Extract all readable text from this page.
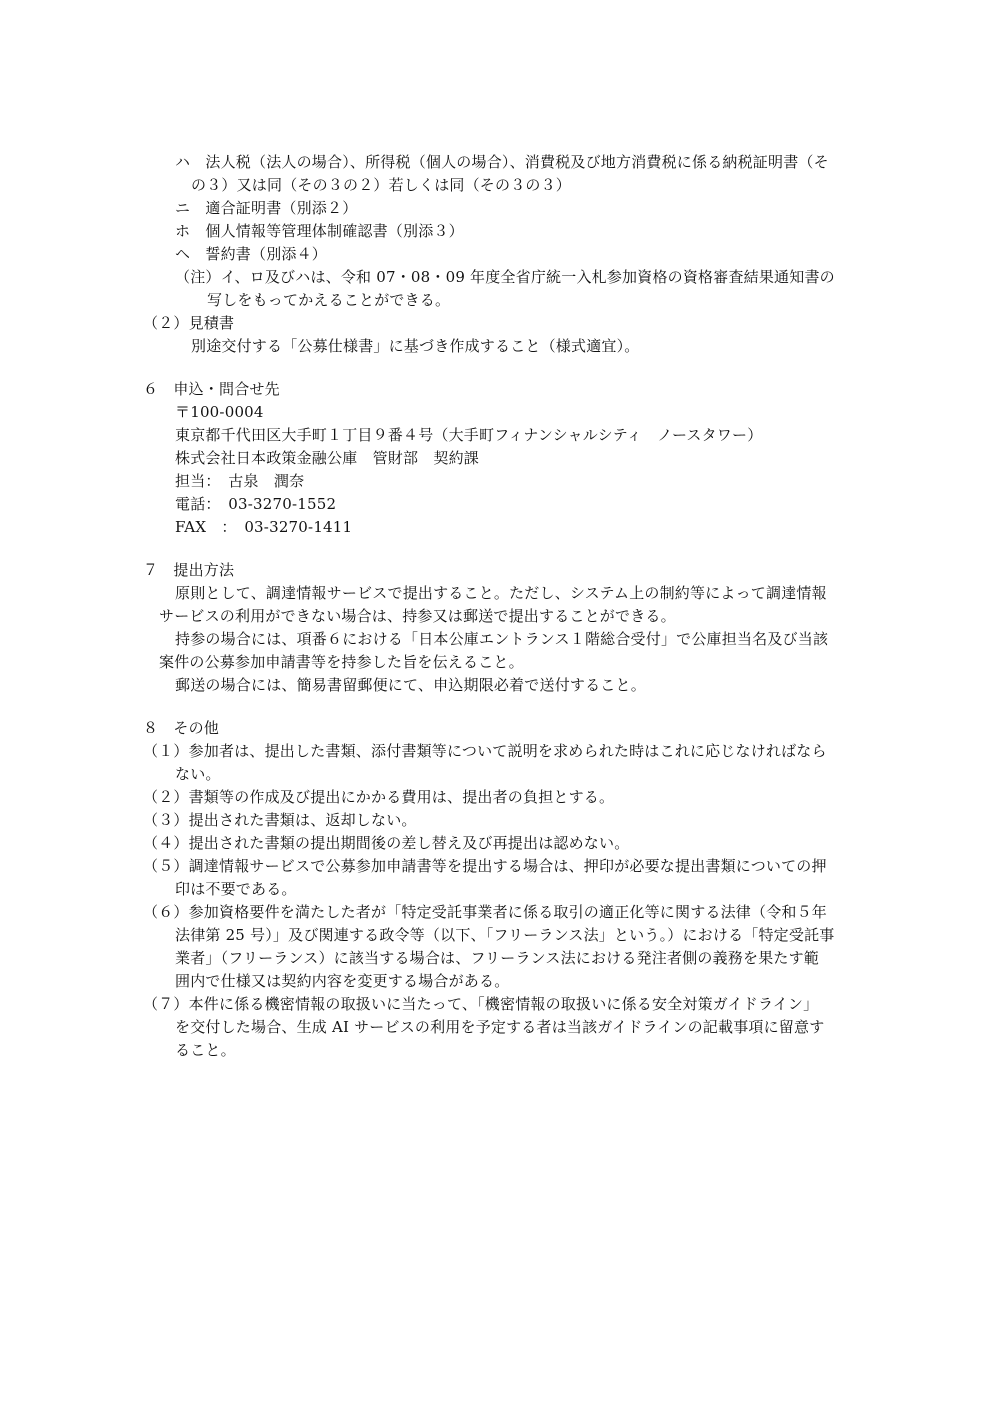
ハ　法人税（法人の場合）、所得税（個人の場合）、消費税及び地方消費税に係る納税証明書（そ
の３）又は同（その３の２）若しくは同（その３の３）
ニ　適合証明書（別添２）
ホ　個人情報等管理体制確認書（別添３）
ヘ　誓約書（別添４）
（注）イ、ロ及びハは、令和 07・08・09 年度全省庁統一入札参加資格の資格審査結果通知書の
写しをもってかえることができる。
（２）見積書
別途交付する「公募仕様書」に基づき作成すること（様式適宜）。
６　申込・問合せ先
〒100-0004
東京都千代田区大手町１丁目９番４号（大手町フィナンシャルシティ　ノースタワー）
株式会社日本政策金融公庫　管財部　契約課
担当：　古泉　潤奈
電話：　03-3270-1552
FAX　：　03-3270-1411
７　提出方法
原則として、調達情報サービスで提出すること。ただし、システム上の制約等によって調達情報
サービスの利用ができない場合は、持参又は郵送で提出することができる。
持参の場合には、項番６における「日本公庫エントランス１階総合受付」で公庫担当名及び当該
案件の公募参加申請書等を持参した旨を伝えること。
郵送の場合には、簡易書留郵便にて、申込期限必着で送付すること。
８　その他
（１）参加者は、提出した書類、添付書類等について説明を求められた時はこれに応じなければなら
ない。
（２）書類等の作成及び提出にかかる費用は、提出者の負担とする。
（３）提出された書類は、返却しない。
（４）提出された書類の提出期間後の差し替え及び再提出は認めない。
（５）調達情報サービスで公募参加申請書等を提出する場合は、押印が必要な提出書類についての押
印は不要である。
（６）参加資格要件を満たした者が「特定受託事業者に係る取引の適正化等に関する法律（令和５年
法律第 25 号）」及び関連する政令等（以下、「フリーランス法」という。）における「特定受託事
業者」（フリーランス）に該当する場合は、フリーランス法における発注者側の義務を果たす範
囲内で仕様又は契約内容を変更する場合がある。
（７）本件に係る機密情報の取扱いに当たって、「機密情報の取扱いに係る安全対策ガイドライン」
を交付した場合、生成 AI サービスの利用を予定する者は当該ガイドラインの記載事項に留意す
ること。
